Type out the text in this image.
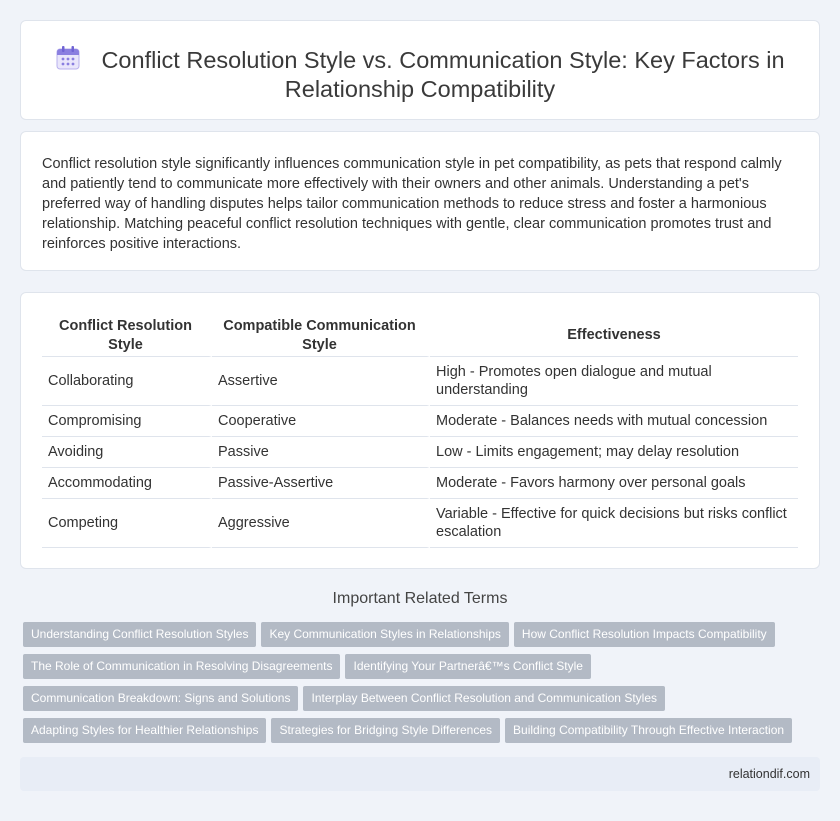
Conflict Resolution Style vs. Communication Style: Key Factors in Relationship Compatibility

Conflict resolution style significantly influences communication style in pet compatibility, as pets that respond calmly and patiently tend to communicate more effectively with their owners and other animals. Understanding a pet's preferred way of handling disputes helps tailor communication methods to reduce stress and foster a harmonious relationship. Matching peaceful conflict resolution techniques with gentle, clear communication promotes trust and reinforces positive interactions.

Conflict Resolution Style	Compatible Communication Style	Effectiveness
Collaborating	Assertive	High - Promotes open dialogue and mutual understanding
Compromising	Cooperative	Moderate - Balances needs with mutual concession
Avoiding	Passive	Low - Limits engagement; may delay resolution
Accommodating	Passive-Assertive	Moderate - Favors harmony over personal goals
Competing	Aggressive	Variable - Effective for quick decisions but risks conflict escalation
Important Related Terms
Understanding Conflict Resolution Styles Key Communication Styles in Relationships How Conflict Resolution Impacts Compatibility
The Role of Communication in Resolving Disagreements Identifying Your Partnerâ€™s Conflict Style
Communication Breakdown: Signs and Solutions Interplay Between Conflict Resolution and Communication Styles
Adapting Styles for Healthier Relationships Strategies for Bridging Style Differences Building Compatibility Through Effective Interaction
relationdif.com
